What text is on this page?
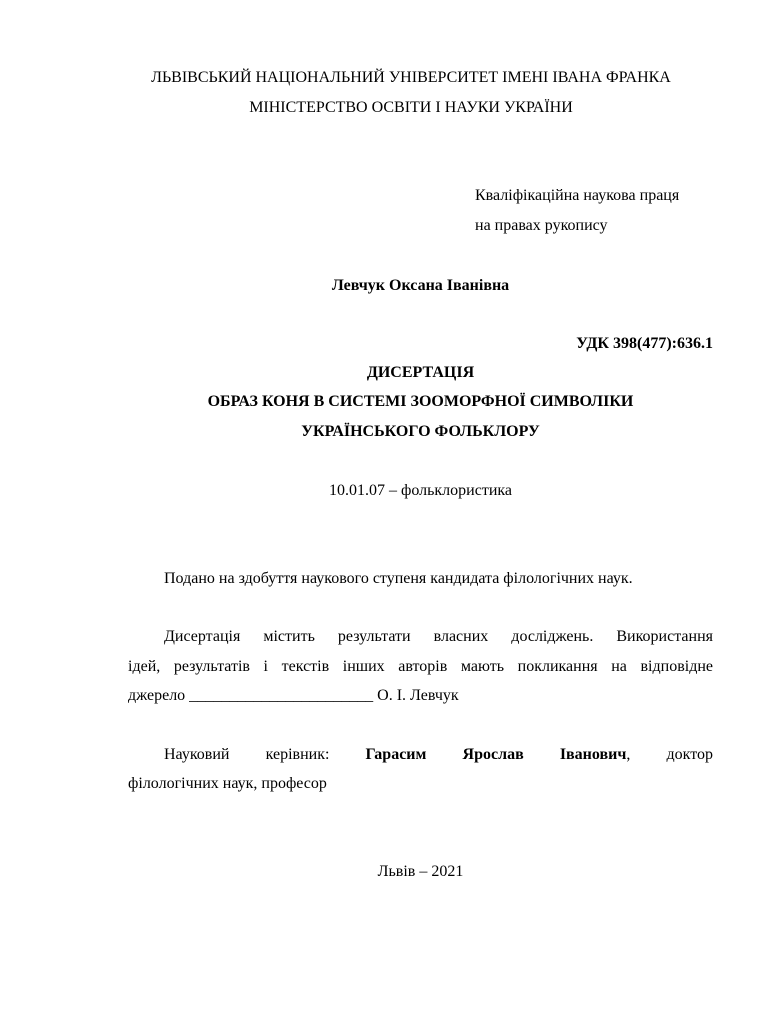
ЛЬВІВСЬКИЙ НАЦІОНАЛЬНИЙ УНІВЕРСИТЕТ ІМЕНІ ІВАНА ФРАНКА
МІНІСТЕРСТВО ОСВІТИ І НАУКИ УКРАЇНИ
Кваліфікаційна наукова праця
на правах рукопису
Левчук Оксана Іванівна
УДК 398(477):636.1
ДИСЕРТАЦІЯ
ОБРАЗ КОНЯ В СИСТЕМІ ЗООМОРФНОЇ СИМВОЛІКИ
УКРАЇНСЬКОГО ФОЛЬКЛОРУ
10.01.07 – фольклористика
Подано на здобуття наукового ступеня кандидата філологічних наук.
Дисертація містить результати власних досліджень. Використання
ідей, результатів і текстів інших авторів мають покликання на відповідне
джерело _______________________ О. І. Левчук
Науковий керівник: Гарасим Ярослав Іванович, доктор
філологічних наук, професор
Львів – 2021
